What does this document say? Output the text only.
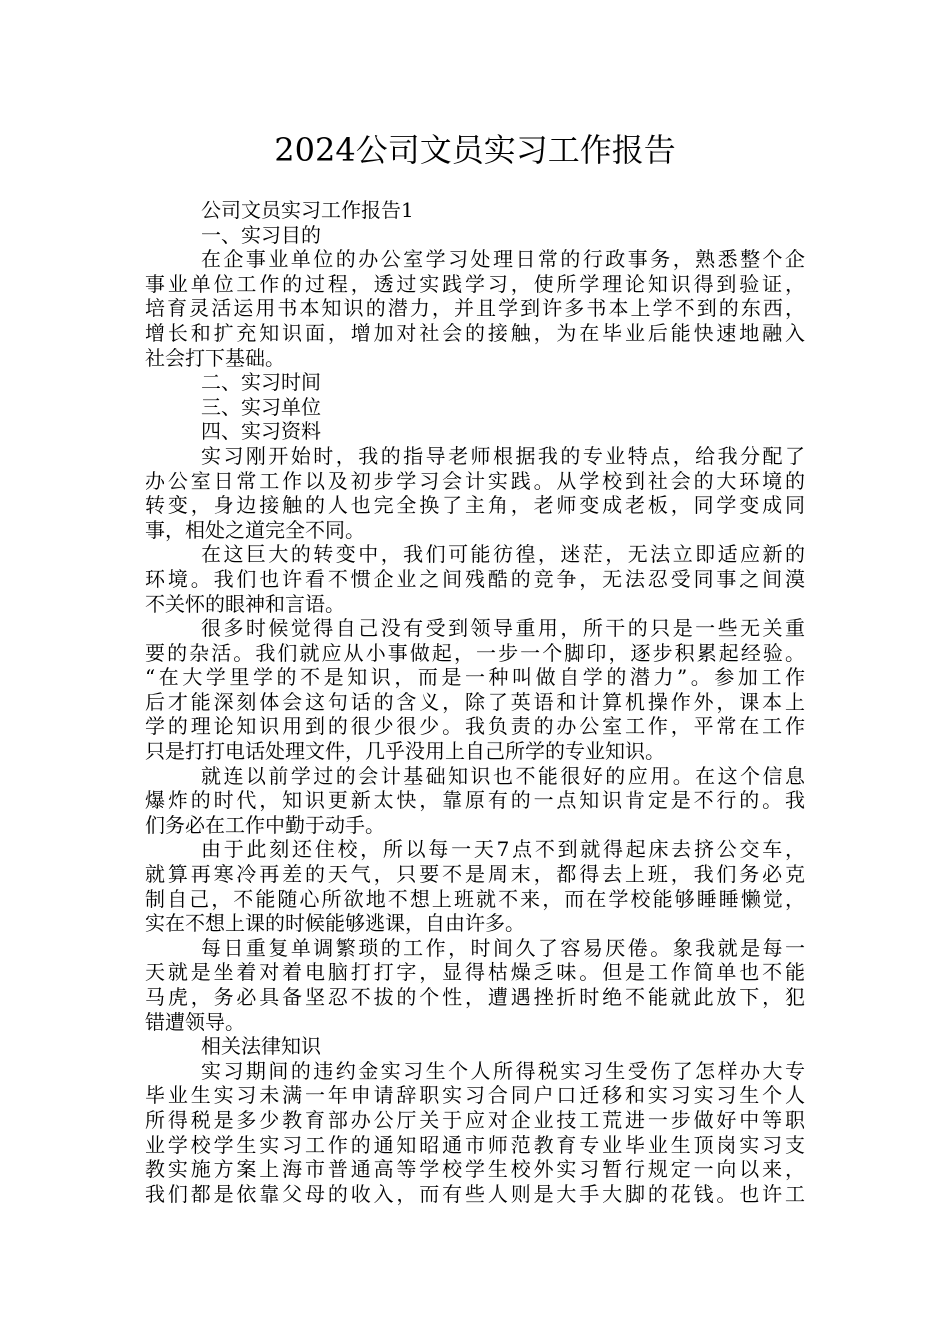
2024公司文员实习工作报告
公司文员实习工作报告1
一、实习目的
在企事业单位的办公室学习处理日常的行政事务，熟悉整个企
事业单位工作的过程，透过实践学习，使所学理论知识得到验证，
培育灵活运用书本知识的潜力，并且学到许多书本上学不到的东西，
增长和扩充知识面，增加对社会的接触，为在毕业后能快速地融入
社会打下基础。
二、实习时间
三、实习单位
四、实习资料
实习刚开始时，我的指导老师根据我的专业特点，给我分配了
办公室日常工作以及初步学习会计实践。从学校到社会的大环境的
转变，身边接触的人也完全换了主角，老师变成老板，同学变成同
事，相处之道完全不同。
在这巨大的转变中，我们可能彷徨，迷茫，无法立即适应新的
环境。我们也许看不惯企业之间残酷的竞争，无法忍受同事之间漠
不关怀的眼神和言语。
很多时候觉得自己没有受到领导重用，所干的只是一些无关重
要的杂活。我们就应从小事做起，一步一个脚印，逐步积累起经验。
“在大学里学的不是知识，而是一种叫做自学的潜力”。参加工作
后才能深刻体会这句话的含义，除了英语和计算机操作外，课本上
学的理论知识用到的很少很少。我负责的办公室工作，平常在工作
只是打打电话处理文件，几乎没用上自己所学的专业知识。
就连以前学过的会计基础知识也不能很好的应用。在这个信息
爆炸的时代，知识更新太快，靠原有的一点知识肯定是不行的。我
们务必在工作中勤于动手。
由于此刻还住校，所以每一天7点不到就得起床去挤公交车，
就算再寒冷再差的天气，只要不是周末，都得去上班，我们务必克
制自己，不能随心所欲地不想上班就不来，而在学校能够睡睡懒觉，
实在不想上课的时候能够逃课，自由许多。
每日重复单调繁琐的工作，时间久了容易厌倦。象我就是每一
天就是坐着对着电脑打打字，显得枯燥乏味。但是工作简单也不能
马虎，务必具备坚忍不拔的个性，遭遇挫折时绝不能就此放下，犯
错遭领导。
相关法律知识
实习期间的违约金实习生个人所得税实习生受伤了怎样办大专
毕业生实习未满一年申请辞职实习合同户口迁移和实习实习生个人
所得税是多少教育部办公厅关于应对企业技工荒进一步做好中等职
业学校学生实习工作的通知昭通市师范教育专业毕业生顶岗实习支
教实施方案上海市普通高等学校学生校外实习暂行规定一向以来，
我们都是依靠父母的收入，而有些人则是大手大脚的花钱。也许工
